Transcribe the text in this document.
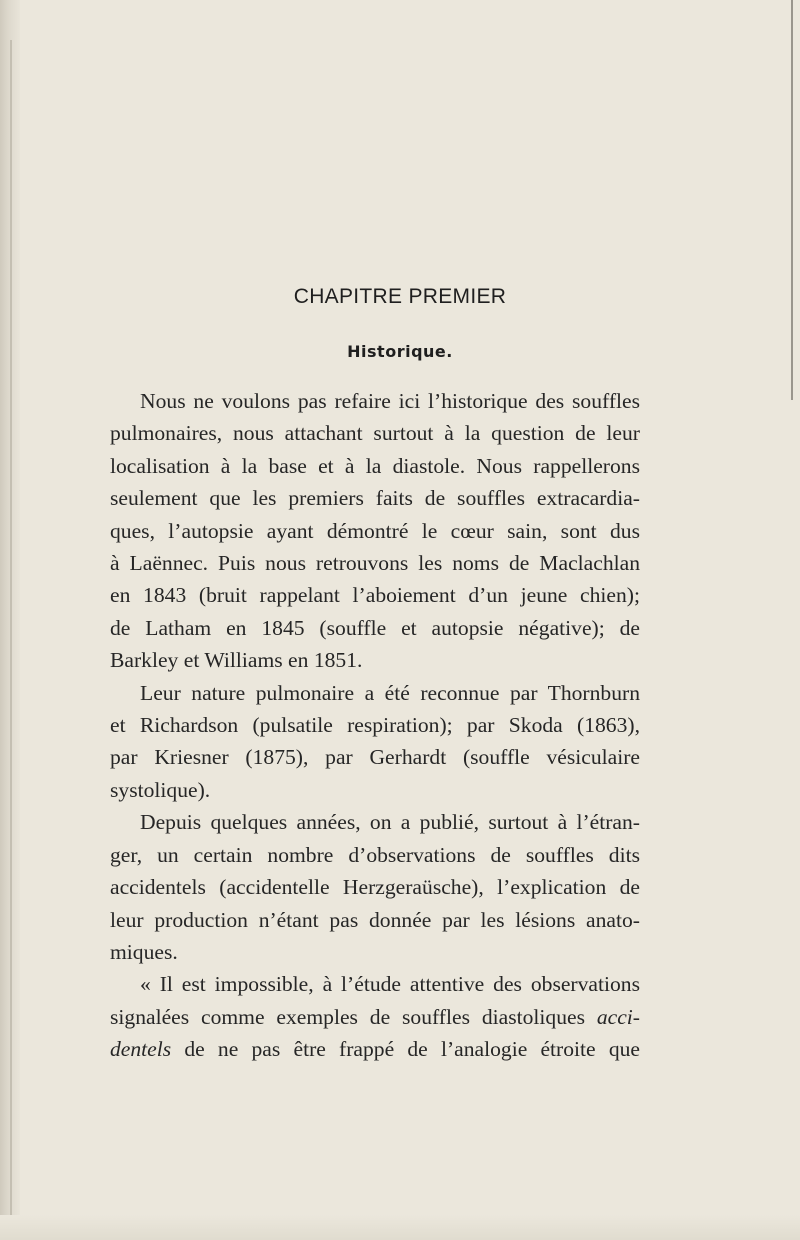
CHAPITRE PREMIER
Historique.
Nous ne voulons pas refaire ici l’historique des souffles
pulmonaires, nous attachant surtout à la question de leur
localisation à la base et à la diastole. Nous rappellerons
seulement que les premiers faits de souffles extracardia-
ques, l’autopsie ayant démontré le cœur sain, sont dus
à Laënnec. Puis nous retrouvons les noms de Maclachlan
en 1843 (bruit rappelant l’aboiement d’un jeune chien);
de Latham en 1845 (souffle et autopsie négative); de
Barkley et Williams en 1851.
Leur nature pulmonaire a été reconnue par Thornburn
et Richardson (pulsatile respiration); par Skoda (1863),
par Kriesner (1875), par Gerhardt (souffle vésiculaire
systolique).
Depuis quelques années, on a publié, surtout à l’étran-
ger, un certain nombre d’observations de souffles dits
accidentels (accidentelle Herzgeraüsche), l’explication de
leur production n’étant pas donnée par les lésions anato-
miques.
« Il est impossible, à l’étude attentive des observations
signalées comme exemples de souffles diastoliques acci-
dentels de ne pas être frappé de l’analogie étroite que
